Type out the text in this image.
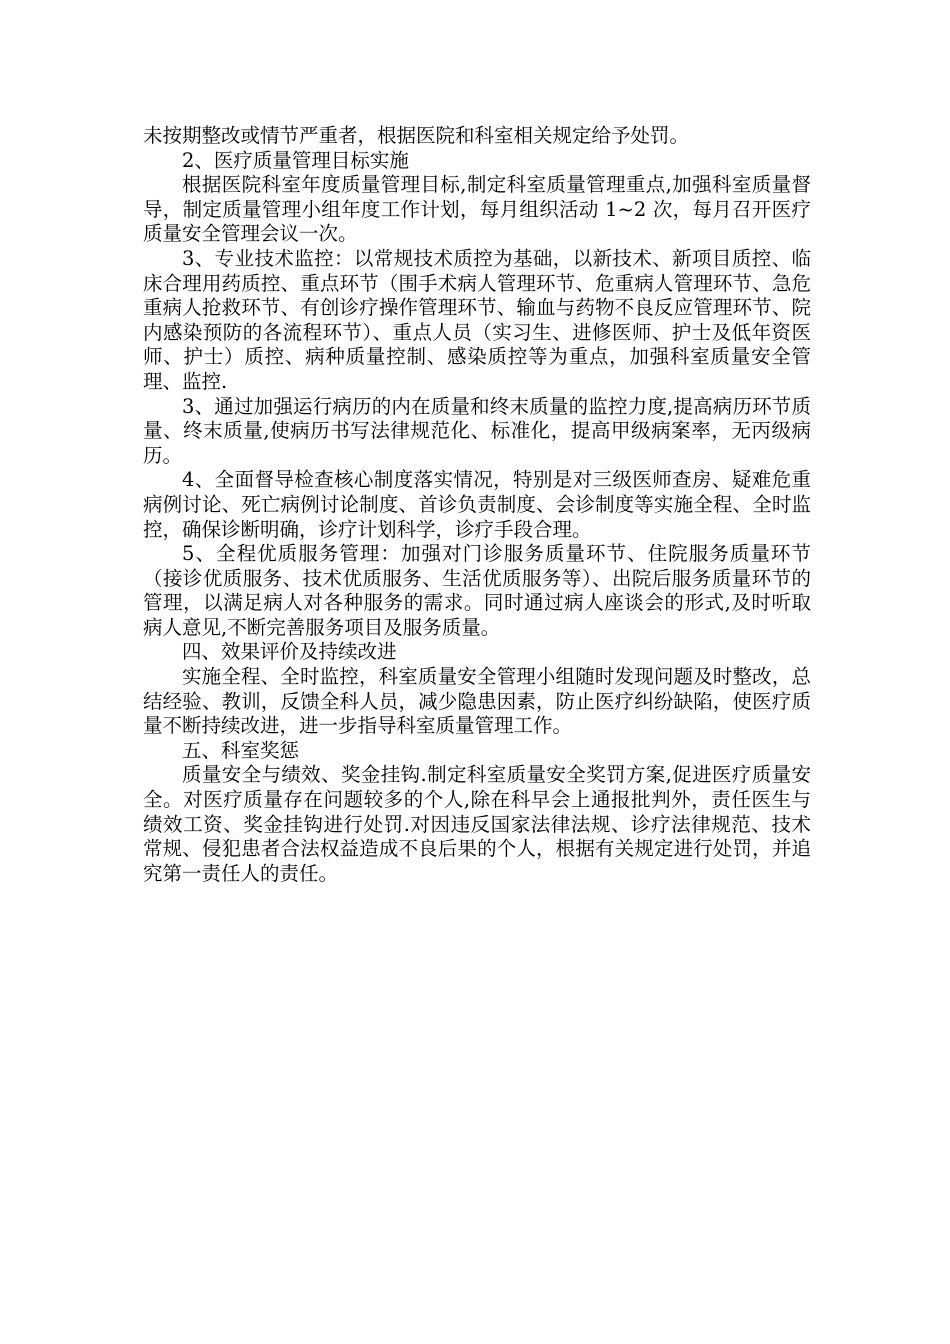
未按期整改或情节严重者，根据医院和科室相关规定给予处罚。

2、医疗质量管理目标实施

根据医院科室年度质量管理目标,制定科室质量管理重点,加强科室质量督导，制定质量管理小组年度工作计划，每月组织活动 1~2 次，每月召开医疗质量安全管理会议一次。

3、专业技术监控：以常规技术质控为基础，以新技术、新项目质控、临床合理用药质控、重点环节（围手术病人管理环节、危重病人管理环节、急危重病人抢救环节、有创诊疗操作管理环节、输血与药物不良反应管理环节、院内感染预防的各流程环节）、重点人员（实习生、进修医师、护士及低年资医师、护士）质控、病种质量控制、感染质控等为重点，加强科室质量安全管理、监控.

3、通过加强运行病历的内在质量和终末质量的监控力度,提高病历环节质量、终末质量,使病历书写法律规范化、标准化，提高甲级病案率，无丙级病历。

4、全面督导检查核心制度落实情况，特别是对三级医师查房、疑难危重病例讨论、死亡病例讨论制度、首诊负责制度、会诊制度等实施全程、全时监控，确保诊断明确，诊疗计划科学，诊疗手段合理。

5、全程优质服务管理：加强对门诊服务质量环节、住院服务质量环节（接诊优质服务、技术优质服务、生活优质服务等）、出院后服务质量环节的管理，以满足病人对各种服务的需求。同时通过病人座谈会的形式,及时听取病人意见,不断完善服务项目及服务质量。

四、效果评价及持续改进

实施全程、全时监控，科室质量安全管理小组随时发现问题及时整改，总结经验、教训，反馈全科人员，减少隐患因素，防止医疗纠纷缺陷，使医疗质量不断持续改进，进一步指导科室质量管理工作。

五、科室奖惩

质量安全与绩效、奖金挂钩.制定科室质量安全奖罚方案,促进医疗质量安全。对医疗质量存在问题较多的个人,除在科早会上通报批判外，责任医生与绩效工资、奖金挂钩进行处罚.对因违反国家法律法规、诊疗法律规范、技术常规、侵犯患者合法权益造成不良后果的个人，根据有关规定进行处罚，并追究第一责任人的责任。
